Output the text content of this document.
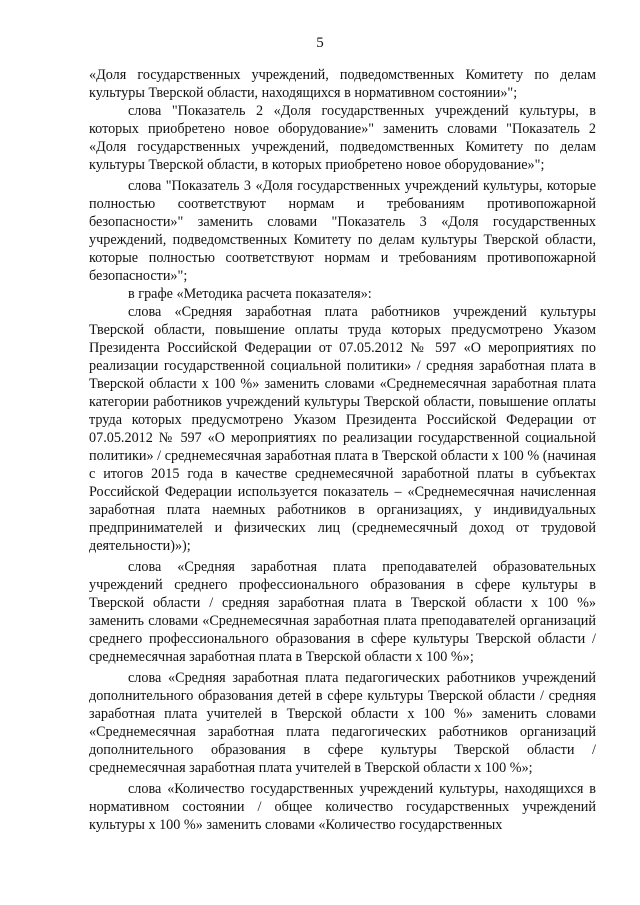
5

«Доля государственных учреждений, подведомственных Комитету по делам культуры Тверской области, находящихся в нормативном состоянии»";

слова "Показатель 2 «Доля государственных учреждений культуры, в которых приобретено новое оборудование»" заменить словами "Показатель 2 «Доля государственных учреждений, подведомственных Комитету по делам культуры Тверской области, в которых приобретено новое оборудование»";

слова "Показатель 3 «Доля государственных учреждений культуры, которые полностью соответствуют нормам и требованиям противопожарной безопасности»" заменить словами "Показатель 3 «Доля государственных учреждений, подведомственных Комитету по делам культуры Тверской области, которые полностью соответствуют нормам и требованиям противопожарной безопасности»";

в графе «Методика расчета показателя»:

слова «Средняя заработная плата работников учреждений культуры Тверской области, повышение оплаты труда которых предусмотрено Указом Президента Российской Федерации от 07.05.2012 № 597 «О мероприятиях по реализации государственной социальной политики» / средняя заработная плата в Тверской области х 100 %» заменить словами «Среднемесячная заработная плата категории работников учреждений культуры Тверской области, повышение оплаты труда которых предусмотрено Указом Президента Российской Федерации от 07.05.2012 № 597 «О мероприятиях по реализации государственной социальной политики» / среднемесячная заработная плата в Тверской области х 100 % (начиная с итогов 2015 года в качестве среднемесячной заработной платы в субъектах Российской Федерации используется показатель – «Среднемесячная начисленная заработная плата наемных работников в организациях, у индивидуальных предпринимателей и физических лиц (среднемесячный доход от трудовой деятельности)»);

слова «Средняя заработная плата преподавателей образовательных учреждений среднего профессионального образования в сфере культуры в Тверской области / средняя заработная плата в Тверской области х 100 %» заменить словами «Среднемесячная заработная плата преподавателей организаций среднего профессионального образования в сфере культуры Тверской области / среднемесячная заработная плата в Тверской области х 100 %»;

слова «Средняя заработная плата педагогических работников учреждений дополнительного образования детей в сфере культуры Тверской области / средняя заработная плата учителей в Тверской области х 100 %» заменить словами «Среднемесячная заработная плата педагогических работников организаций дополнительного образования в сфере культуры Тверской области / среднемесячная заработная плата учителей в Тверской области х 100 %»;

слова «Количество государственных учреждений культуры, находящихся в нормативном состоянии / общее количество государственных учреждений культуры х 100 %» заменить словами «Количество государственных
